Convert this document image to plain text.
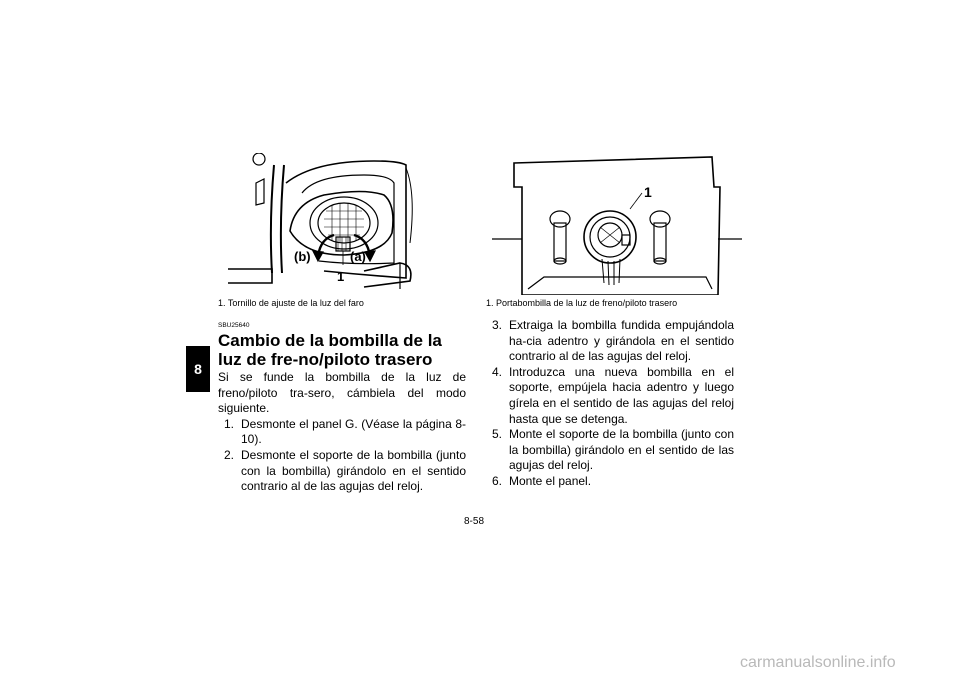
8
(b)	(a)
1
1. Tornillo de ajuste de la luz del faro
1
1. Portabombilla de la luz de freno/piloto trasero
SBU25640
Cambio de la bombilla de la luz de fre-no/piloto trasero
Si se funde la bombilla de la luz de freno/piloto tra-sero, cámbiela del modo siguiente.
1. Desmonte el panel G. (Véase la página 8-10).
2. Desmonte el soporte de la bombilla (junto con la bombilla) girándolo en el sentido contrario al de las agujas del reloj.
3. Extraiga la bombilla fundida empujándola ha-cia adentro y girándola en el sentido contrario al de las agujas del reloj.
4. Introduzca una nueva bombilla en el soporte, empújela hacia adentro y luego gírela en el sentido de las agujas del reloj hasta que se detenga.
5. Monte el soporte de la bombilla (junto con la bombilla) girándolo en el sentido de las agujas del reloj.
6. Monte el panel.
8-58
carmanualsonline.info
